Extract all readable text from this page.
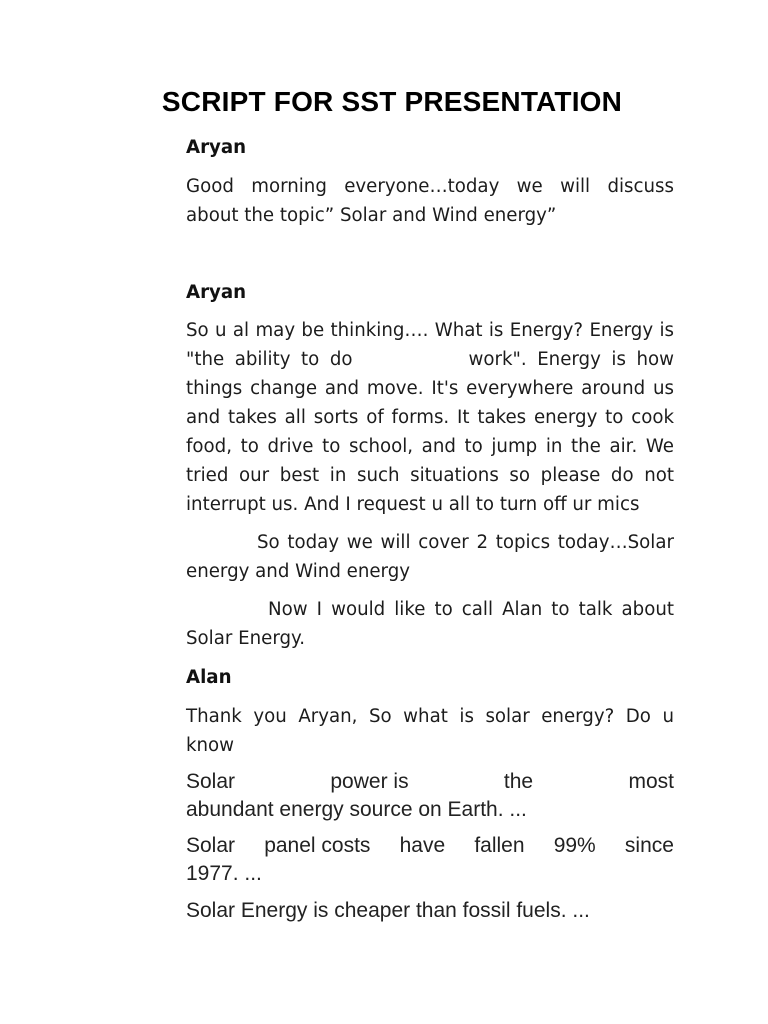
SCRIPT FOR SST PRESENTATION
Aryan
Good morning everyone…today we will discuss about the topic” Solar and Wind energy”
Aryan
So u al may be thinking…. What is Energy? Energy is "the ability to do	work". Energy is how things change and move. It's everywhere around us and takes all sorts of forms. It takes energy to cook food, to drive to school, and to jump in the air. We tried our best in such situations so please do not interrupt us. And I request u all to turn off ur mics
So today we will cover 2 topics today…Solar energy and Wind energy
Now I would like to call Alan to talk about Solar Energy.
Alan
Thank you Aryan, So what is solar energy? Do u know
Solar	power is	the	most
abundant energy source on Earth. ...
Solar panel costs have fallen 99% since
1977. ...
Solar Energy is cheaper than fossil fuels. ...
